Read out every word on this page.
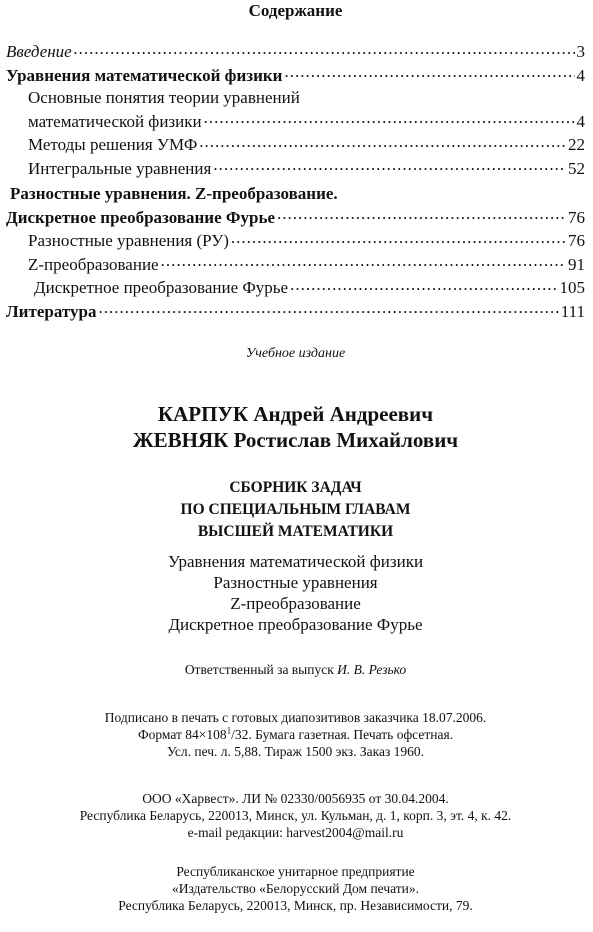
Содержание
Введение .....	3
Уравнения математической физики .....	4
Основные понятия теории уравнений
математической физики .....	4
Методы решения УМФ .....	22
Интегральные уравнения .....	52
Разностные уравнения. Z-преобразование.
Дискретное преобразование Фурье .....	76
Разностные уравнения (РУ) .....	76
Z-преобразование .....	91
Дискретное преобразование Фурье .....	105
Литература .....	111
Учебное издание
КАРПУК Андрей Андреевич
ЖЕВНЯК Ростислав Михайлович
СБОРНИК ЗАДАЧ
ПО СПЕЦИАЛЬНЫМ ГЛАВАМ
ВЫСШЕЙ МАТЕМАТИКИ
Уравнения математической физики
Разностные уравнения
Z-преобразование
Дискретное преобразование Фурье
Ответственный за выпуск И. В. Резько
Подписано в печать с готовых диапозитивов заказчика 18.07.2006.
Формат $84\times 108^1/32$. Бумага газетная. Печать офсетная.
Усл. печ. л. 5,88. Тираж 1500 экз. Заказ 1960.
ООО «Харвест». ЛИ № 02330/0056935 от 30.04.2004.
Республика Беларусь, 220013, Минск, ул. Кульман, д. 1, корп. 3, эт. 4, к. 42.
e-mail редакции: harvest2004@mail.ru
Республиканское унитарное предприятие
«Издательство «Белорусский Дом печати».
Республика Беларусь, 220013, Минск, пр. Независимости, 79.
